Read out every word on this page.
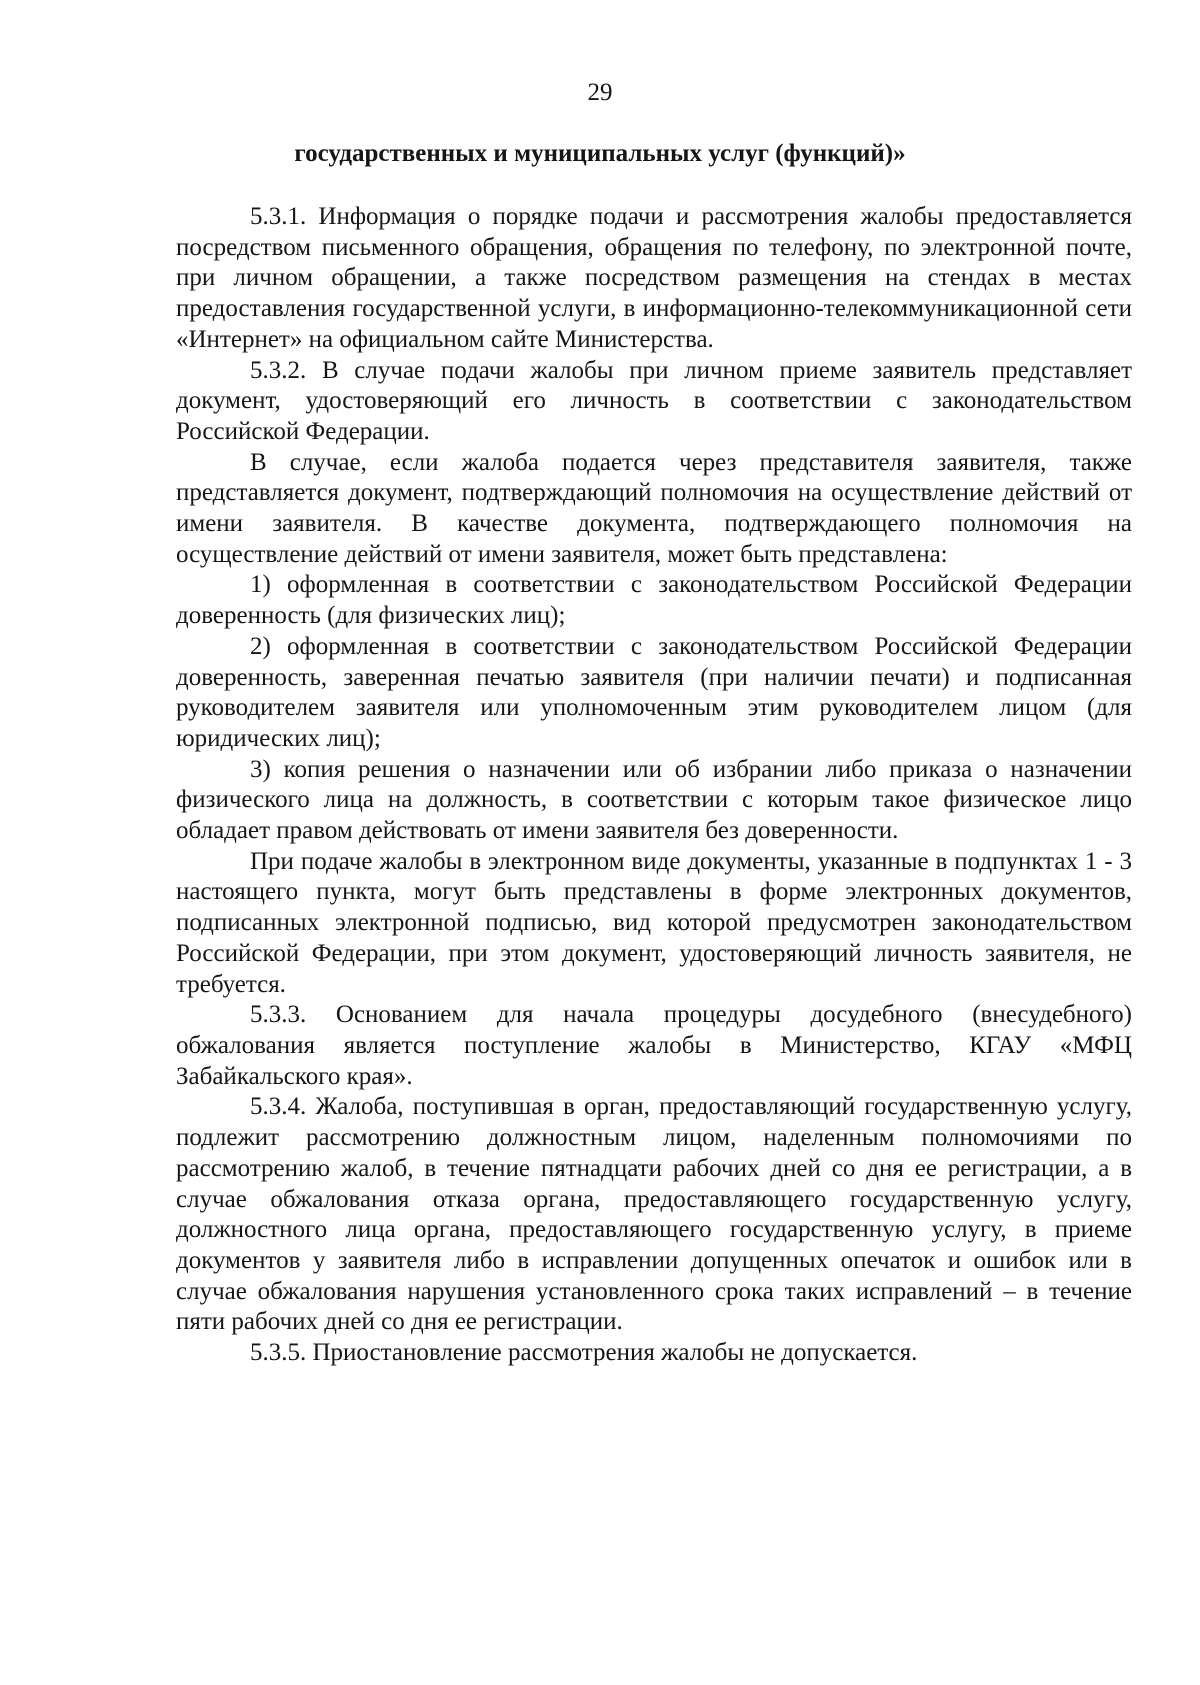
29
государственных и муниципальных услуг (функций)»

5.3.1. Информация о порядке подачи и рассмотрения жалобы предоставляется посредством письменного обращения, обращения по телефону, по электронной почте, при личном обращении, а также посредством размещения на стендах в местах предоставления государственной услуги, в информационно-телекоммуникационной сети «Интернет» на официальном сайте Министерства.

5.3.2. В случае подачи жалобы при личном приеме заявитель представляет документ, удостоверяющий его личность в соответствии с законодательством Российской Федерации.

В случае, если жалоба подается через представителя заявителя, также представляется документ, подтверждающий полномочия на осуществление действий от имени заявителя. В качестве документа, подтверждающего полномочия на осуществление действий от имени заявителя, может быть представлена:

1) оформленная в соответствии с законодательством Российской Федерации доверенность (для физических лиц);

2) оформленная в соответствии с законодательством Российской Федерации доверенность, заверенная печатью заявителя (при наличии печати) и подписанная руководителем заявителя или уполномоченным этим руководителем лицом (для юридических лиц);

3) копия решения о назначении или об избрании либо приказа о назначении физического лица на должность, в соответствии с которым такое физическое лицо обладает правом действовать от имени заявителя без доверенности.

При подаче жалобы в электронном виде документы, указанные в подпунктах 1 - 3 настоящего пункта, могут быть представлены в форме электронных документов, подписанных электронной подписью, вид которой предусмотрен законодательством Российской Федерации, при этом документ, удостоверяющий личность заявителя, не требуется.

5.3.3. Основанием для начала процедуры досудебного (внесудебного) обжалования является поступление жалобы в Министерство, КГАУ «МФЦ Забайкальского края».

5.3.4. Жалоба, поступившая в орган, предоставляющий государственную услугу, подлежит рассмотрению должностным лицом, наделенным полномочиями по рассмотрению жалоб, в течение пятнадцати рабочих дней со дня ее регистрации, а в случае обжалования отказа органа, предоставляющего государственную услугу, должностного лица органа, предоставляющего государственную услугу, в приеме документов у заявителя либо в исправлении допущенных опечаток и ошибок или в случае обжалования нарушения установленного срока таких исправлений – в течение пяти рабочих дней со дня ее регистрации.

5.3.5. Приостановление рассмотрения жалобы не допускается.
